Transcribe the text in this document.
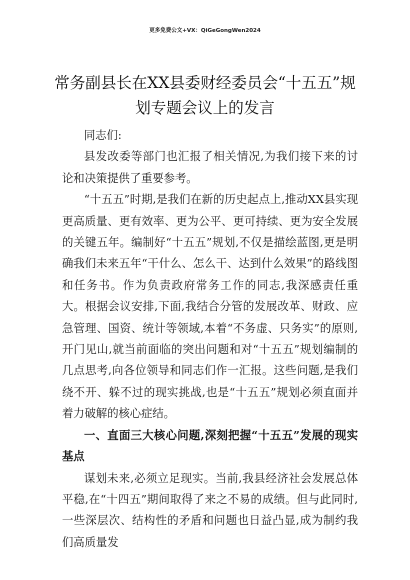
更多免费公文+VX：QiGeGongWen2024
常务副县长在XX县委财经委员会“十五五”规划专题会议上的发言

同志们:

县发改委等部门也汇报了相关情况,为我们接下来的讨论和决策提供了重要参考。

“十五五”时期,是我们在新的历史起点上,推动XX县实现更高质量、更有效率、更为公平、更可持续、更为安全发展的关键五年。编制好“十五五”规划,不仅是描绘蓝图,更是明确我们未来五年“干什么、怎么干、达到什么效果”的路线图和任务书。作为负责政府常务工作的同志,我深感责任重大。根据会议安排,下面,我结合分管的发展改革、财政、应急管理、国资、统计等领域,本着“不务虚、只务实”的原则,开门见山,就当前面临的突出问题和对“十五五”规划编制的几点思考,向各位领导和同志们作一汇报。这些问题,是我们绕不开、躲不过的现实挑战,也是“十五五”规划必须直面并着力破解的核心症结。

一、直面三大核心问题,深刻把握“十五五”发展的现实基点

谋划未来,必须立足现实。当前,我县经济社会发展总体平稳,在“十四五”期间取得了来之不易的成绩。但与此同时,一些深层次、结构性的矛盾和问题也日益凸显,成为制约我们高质量发
